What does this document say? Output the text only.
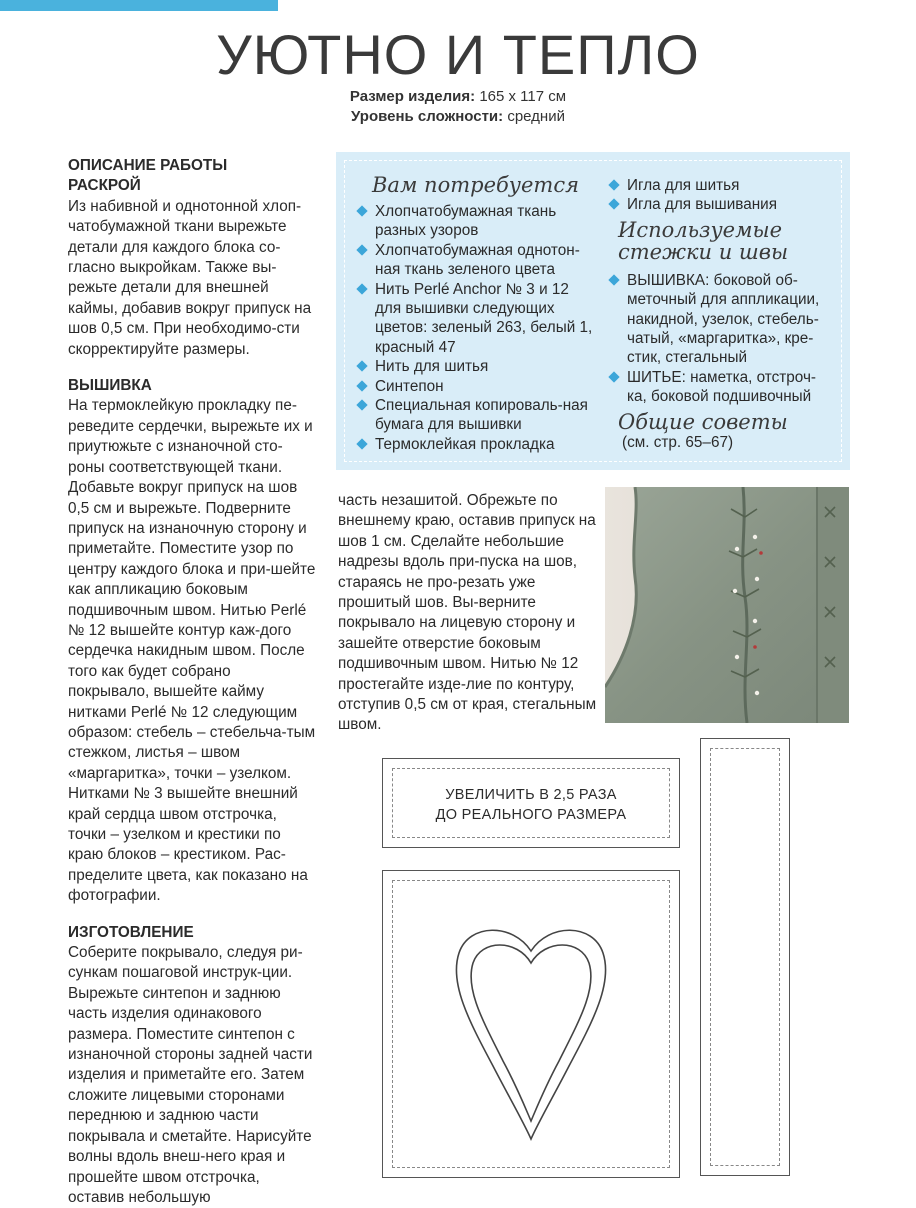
УЮТНО И ТЕПЛО
Размер изделия: 165 x 117 см
Уровень сложности: средний

ОПИСАНИЕ РАБОТЫ

РАСКРОЙ

Из набивной и однотонной хлоп-чатобумажной ткани вырежьте детали для каждого блока со-гласно выкройкам. Также вы-режьте детали для внешней каймы, добавив вокруг припуск на шов 0,5 см. При необходимо-сти скорректируйте размеры.

ВЫШИВКА

На термоклейкую прокладку пе-реведите сердечки, вырежьте их и приутюжьте с изнаночной сто-роны соответствующей ткани. Добавьте вокруг припуск на шов 0,5 см и вырежьте. Подверните припуск на изнаночную сторону и приметайте. Поместите узор по центру каждого блока и при-шейте как аппликацию боковым подшивочным швом. Нитью Perlé № 12 вышейте контур каж-дого сердечка накидным швом. После того как будет собрано покрывало, вышейте кайму нитками Perlé № 12 следующим образом: стебель – стебельча-тым стежком, листья – швом «маргаритка», точки – узелком. Нитками № 3 вышейте внешний край сердца швом отстрочка, точки – узелком и крестики по краю блоков – крестиком. Рас-пределите цвета, как показано на фотографии.

ИЗГОТОВЛЕНИЕ

Соберите покрывало, следуя ри-сункам пошаговой инструк-ции. Вырежьте синтепон и заднюю часть изделия одинакового размера. Поместите синтепон с изнаночной стороны задней части изделия и приметайте его. Затем сложите лицевыми сторонами переднюю и заднюю части покрывала и сметайте. Нарисуйте волны вдоль внеш-него края и прошейте швом отстрочка, оставив небольшую

Вам потребуется

Хлопчатобумажная ткань разных узоров
Хлопчатобумажная однотон-ная ткань зеленого цвета
Нить Perlé Anchor № 3 и 12 для вышивки следующих цветов: зеленый 263, белый 1, красный 47
Нить для шитья
Синтепон
Специальная копироваль-ная бумага для вышивки
Термоклейкая прокладка
Игла для шитья
Игла для вышивания

Используемые

стежки и швы

ВЫШИВКА: боковой об-меточный для аппликации, накидной, узелок, стебель-чатый, «маргаритка», кре-стик, стегальный
ШИТЬЕ: наметка, отстроч-ка, боковой подшивочный

Общие советы

(см. стр. 65–67)

часть незашитой. Обрежьте по внешнему краю, оставив припуск на шов 1 см. Сделайте небольшие надрезы вдоль при-пуска на шов, стараясь не про-резать уже прошитый шов. Вы-верните покрывало на лицевую сторону и зашейте отверстие боковым подшивочным швом. Нитью № 12 простегайте изде-лие по контуру, отступив 0,5 см от края, стегальным швом.

УВЕЛИЧИТЬ В 2,5 РАЗА
ДО РЕАЛЬНОГО РАЗМЕРА
